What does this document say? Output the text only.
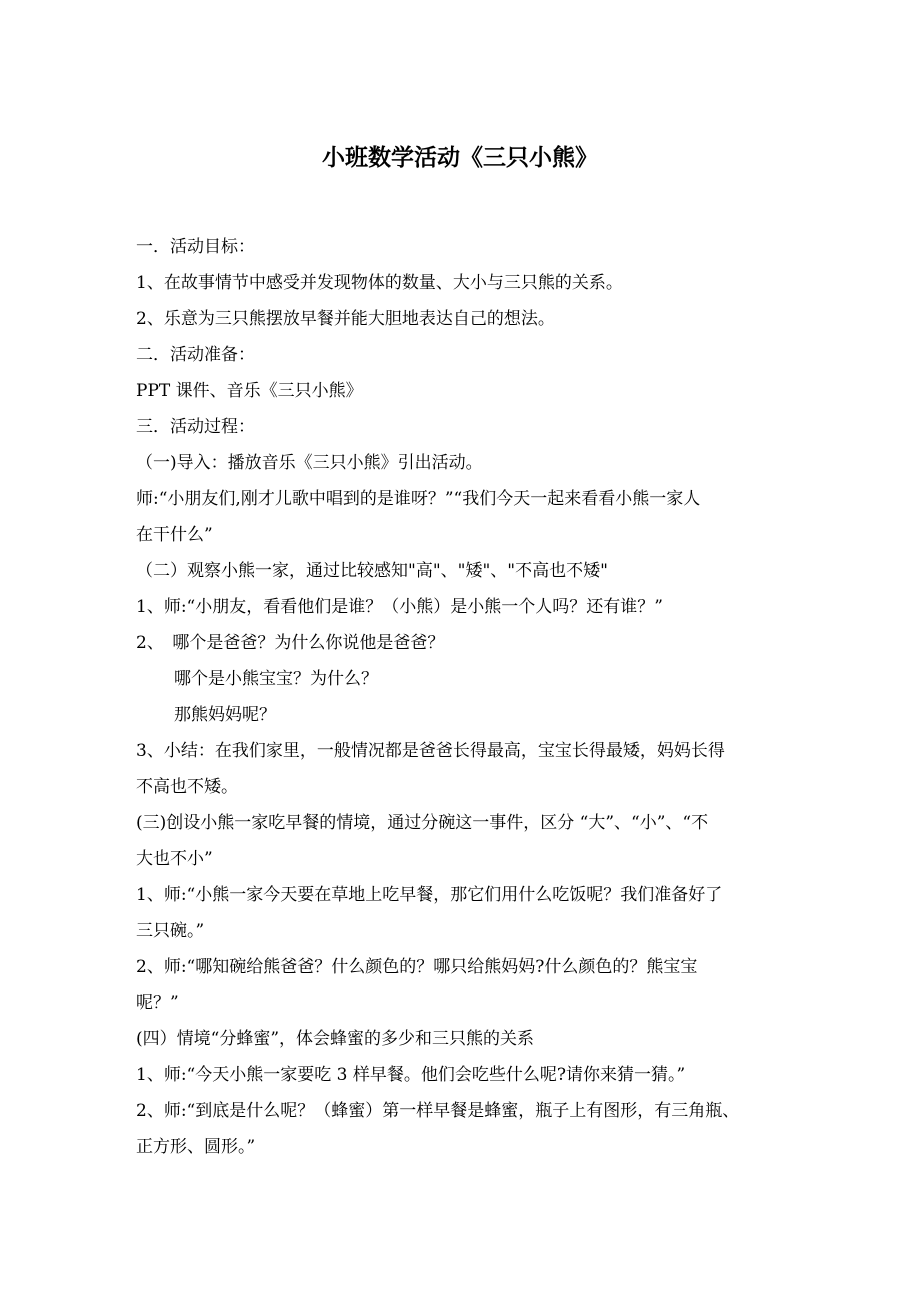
小班数学活动《三只小熊》
一．活动目标：
1、在故事情节中感受并发现物体的数量、大小与三只熊的关系。
2、乐意为三只熊摆放早餐并能大胆地表达自己的想法。
二．活动准备：
PPT 课件、音乐《三只小熊》
三．活动过程：
（一)导入：播放音乐《三只小熊》引出活动。
师:“小朋友们,刚才儿歌中唱到的是谁呀？”“我们今天一起来看看小熊一家人
在干什么”
（二）观察小熊一家，通过比较感知"高"、"矮"、"不高也不矮"
1、师:“小朋友，看看他们是谁？（小熊）是小熊一个人吗？还有谁？”
2、　哪个是爸爸？为什么你说他是爸爸？
哪个是小熊宝宝？为什么？
那熊妈妈呢？
3、小结：在我们家里，一般情况都是爸爸长得最高，宝宝长得最矮，妈妈长得
不高也不矮。
(三)创设小熊一家吃早餐的情境，通过分碗这一事件，区分 “大”、“小”、“不
大也不小”
1、师:“小熊一家今天要在草地上吃早餐，那它们用什么吃饭呢？我们准备好了
三只碗。”
2、师:“哪知碗给熊爸爸？什么颜色的？哪只给熊妈妈?什么颜色的？熊宝宝
呢？”
(四）情境“分蜂蜜”，体会蜂蜜的多少和三只熊的关系
1、师:“今天小熊一家要吃 3 样早餐。他们会吃些什么呢?请你来猜一猜。”
2、师:“到底是什么呢？（蜂蜜）第一样早餐是蜂蜜，瓶子上有图形，有三角瓶、
正方形、圆形。”
